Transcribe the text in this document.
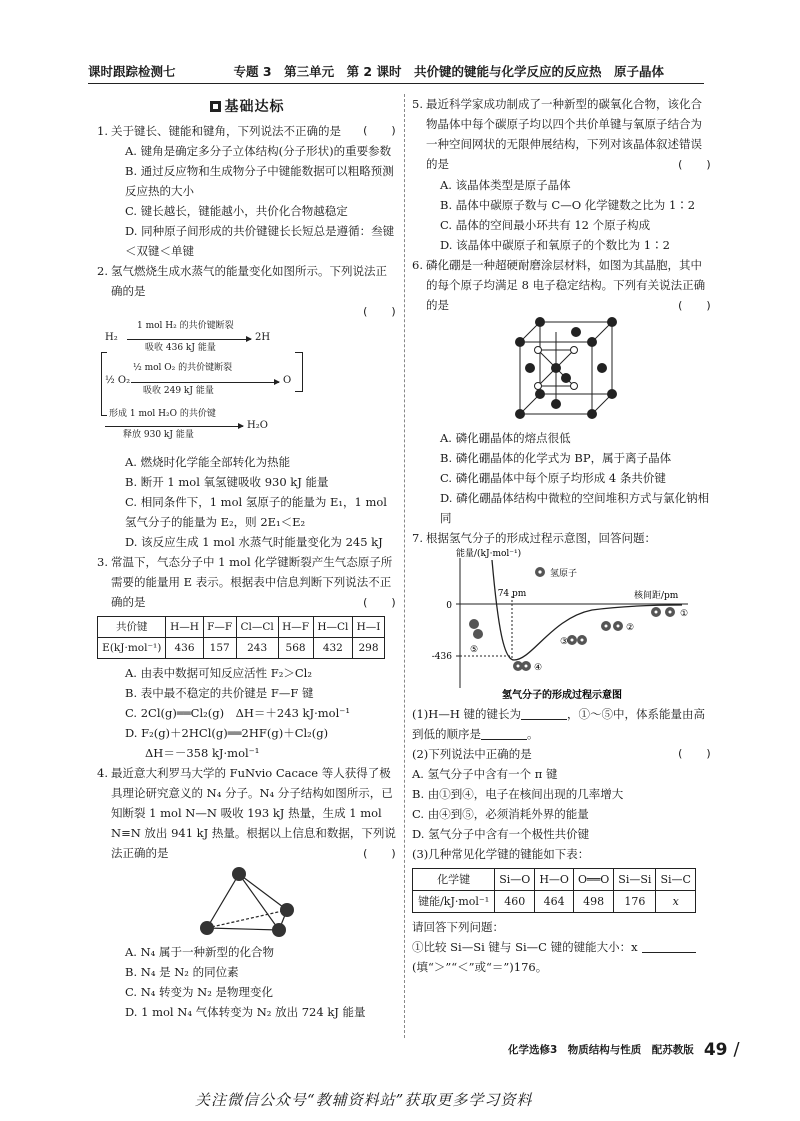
课时跟踪检测七	专题 3　第三单元　第 2 课时　共价键的键能与化学反应的反应热　原子晶体
基础达标
1. 关于键长、键能和键角，下列说法不正确的是 (　　)
A. 键角是确定多分子立体结构(分子形状)的重要参数
B. 通过反应物和生成物分子中键能数据可以粗略预测反应热的大小
C. 键长越长，键能越小，共价化合物越稳定
D. 同种原子间形成的共价键键长长短总是遵循：叁键＜双键＜单键
2. 氢气燃烧生成水蒸气的能量变化如图所示。下列说法正确的是
(　　)
H₂
1 mol H₂ 的共价键断裂
吸收 436 kJ 能量
2H
½ O₂
½ mol O₂ 的共价键断裂
吸收 249 kJ 能量
O
形成 1 mol H₂O 的共价键
释放 930 kJ 能量
H₂O
A. 燃烧时化学能全部转化为热能
B. 断开 1 mol 氧氢键吸收 930 kJ 能量
C. 相同条件下，1 mol 氢原子的能量为 E₁，1 mol 氢气分子的能量为 E₂，则 2E₁＜E₂
D. 该反应生成 1 mol 水蒸气时能量变化为 245 kJ
3. 常温下，气态分子中 1 mol 化学键断裂产生气态原子所需要的能量用 E 表示。根据表中信息判断下列说法不正确的是	(　　)
共价键	H—H	F—F	Cl—Cl	H—F	H—Cl	H—I
E(kJ·mol⁻¹)	436	157	243	568	432	298
A. 由表中数据可知反应活性 F₂＞Cl₂
B. 表中最不稳定的共价键是 F—F 键
C. 2Cl(g)══Cl₂(g)　ΔH＝＋243 kJ·mol⁻¹
D. F₂(g)＋2HCl(g)══2HF(g)＋Cl₂(g)
ΔH＝－358 kJ·mol⁻¹
4. 最近意大利罗马大学的 FuNvio Cacace 等人获得了极具理论研究意义的 N₄ 分子。N₄ 分子结构如图所示，已知断裂 1 mol N—N 吸收 193 kJ 热量，生成 1 mol N≡N 放出 941 kJ 热量。根据以上信息和数据，下列说法正确的是	(　　)
A. N₄ 属于一种新型的化合物
B. N₄ 是 N₂ 的同位素
C. N₄ 转变为 N₂ 是物理变化
D. 1 mol N₄ 气体转变为 N₂ 放出 724 kJ 能量
5. 最近科学家成功制成了一种新型的碳氧化合物，该化合物晶体中每个碳原子均以四个共价单键与氧原子结合为一种空间网状的无限伸展结构，下列对该晶体叙述错误的是	(　　)
A. 该晶体类型是原子晶体
B. 晶体中碳原子数与 C—O 化学键数之比为 1∶2
C. 晶体的空间最小环共有 12 个原子构成
D. 该晶体中碳原子和氧原子的个数比为 1∶2
6. 磷化硼是一种超硬耐磨涂层材料，如图为其晶胞，其中的每个原子均满足 8 电子稳定结构。下列有关说法正确的是	(　　)
A. 磷化硼晶体的熔点很低
B. 磷化硼晶体的化学式为 BP，属于离子晶体
C. 磷化硼晶体中每个原子均形成 4 条共价键
D. 磷化硼晶体结构中微粒的空间堆积方式与氯化钠相同
7. 根据氢气分子的形成过程示意图，回答问题：
能量/(kJ·mol⁻¹)
0
-436
74 pm	核间距/pm
氢原子
①
②
③
④
⑤
氢气分子的形成过程示意图
(1)H—H 键的键长为	，①～⑤中，体系能量由高到低的顺序是	。
(2)下列说法中正确的是	(　　)
A. 氢气分子中含有一个 π 键
B. 由①到④，电子在核间出现的几率增大
C. 由④到⑤，必须消耗外界的能量
D. 氢气分子中含有一个极性共价键
(3)几种常见化学键的键能如下表：
化学键	Si—O	H—O	O══O	Si—Si	Si—C
键能/kJ·mol⁻¹	460	464	498	176	x
请回答下列问题：
①比较 Si—Si 键与 Si—C 键的键能大小：x
(填“＞”“＜”或“＝”)176。
化学选修3　物质结构与性质　配苏教版 49 /
关注微信公众号“教辅资料站”获取更多学习资料
